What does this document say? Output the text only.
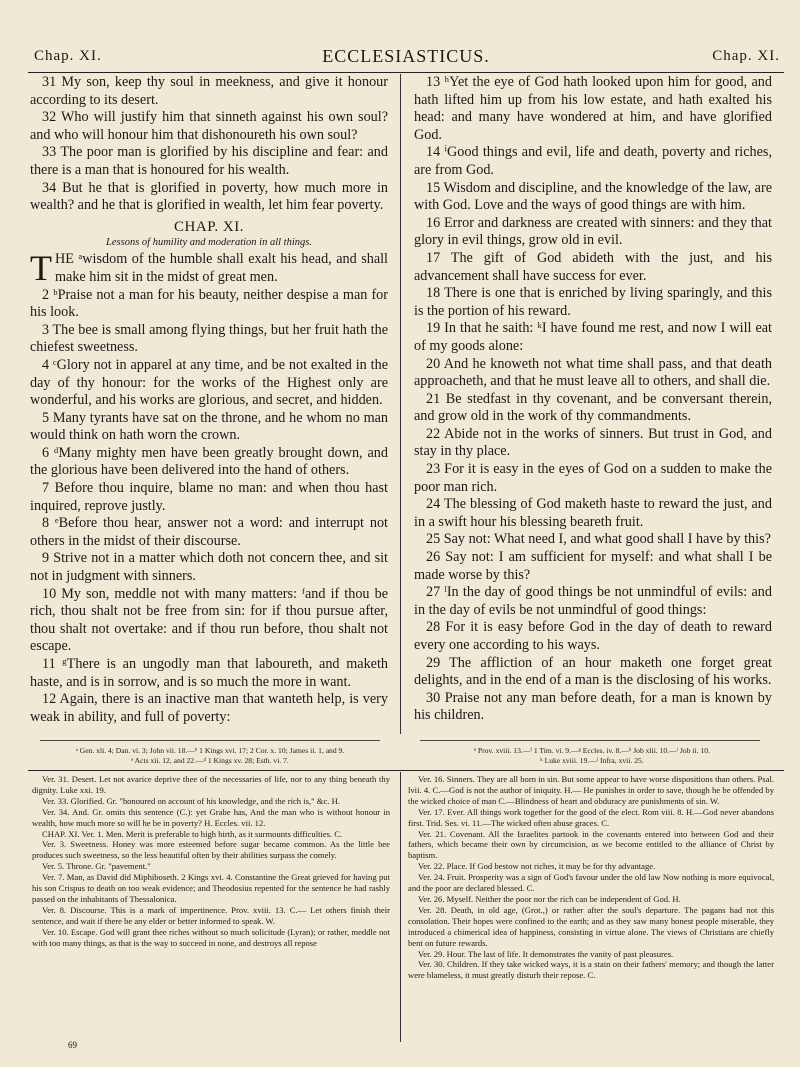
Chap. XI.	ECCLESIASTICUS.	Chap. XI.

31 My son, keep thy soul in meekness, and give it honour according to its desert.

32 Who will justify him that sinneth against his own soul? and who will honour him that dishonoureth his own soul?

33 The poor man is glorified by his discipline and fear: and there is a man that is honoured for his wealth.

34 But he that is glorified in poverty, how much more in wealth? and he that is glorified in wealth, let him fear poverty.

CHAP. XI.
Lessons of humility and moderation in all things.

THE ᵃwisdom of the humble shall exalt his head, and shall make him sit in the midst of great men.

2 ᵇPraise not a man for his beauty, neither despise a man for his look.

3 The bee is small among flying things, but her fruit hath the chiefest sweetness.

4 ᶜGlory not in apparel at any time, and be not exalted in the day of thy honour: for the works of the Highest only are wonderful, and his works are glorious, and secret, and hidden.

5 Many tyrants have sat on the throne, and he whom no man would think on hath worn the crown.

6 ᵈMany mighty men have been greatly brought down, and the glorious have been delivered into the hand of others.

7 Before thou inquire, blame no man: and when thou hast inquired, reprove justly.

8 ᵉBefore thou hear, answer not a word: and interrupt not others in the midst of their discourse.

9 Strive not in a matter which doth not concern thee, and sit not in judgment with sinners.

10 My son, meddle not with many matters: ᶠand if thou be rich, thou shalt not be free from sin: for if thou pursue after, thou shalt not overtake: and if thou run before, thou shalt not escape.

11 ᵍThere is an ungodly man that laboureth, and maketh haste, and is in sorrow, and is so much the more in want.

12 Again, there is an inactive man that wanteth help, is very weak in ability, and full of poverty:

13 ʰYet the eye of God hath looked upon him for good, and hath lifted him up from his low estate, and hath exalted his head: and many have wondered at him, and have glorified God.

14 ⁱGood things and evil, life and death, poverty and riches, are from God.

15 Wisdom and discipline, and the knowledge of the law, are with God. Love and the ways of good things are with him.

16 Error and darkness are created with sinners: and they that glory in evil things, grow old in evil.

17 The gift of God abideth with the just, and his advancement shall have success for ever.

18 There is one that is enriched by living sparingly, and this is the portion of his reward.

19 In that he saith: ᵏI have found me rest, and now I will eat of my goods alone:

20 And he knoweth not what time shall pass, and that death approacheth, and that he must leave all to others, and shall die.

21 Be stedfast in thy covenant, and be conversant therein, and grow old in the work of thy commandments.

22 Abide not in the works of sinners. But trust in God, and stay in thy place.

23 For it is easy in the eyes of God on a sudden to make the poor man rich.

24 The blessing of God maketh haste to reward the just, and in a swift hour his blessing beareth fruit.

25 Say not: What need I, and what good shall I have by this?

26 Say not: I am sufficient for myself: and what shall I be made worse by this?

27 ˡIn the day of good things be not unmindful of evils: and in the day of evils be not unmindful of good things:

28 For it is easy before God in the day of death to reward every one according to his ways.

29 The affliction of an hour maketh one forget great delights, and in the end of a man is the disclosing of his works.

30 Praise not any man before death, for a man is known by his children.

ᵃ Gen. xli. 4; Dan. vi. 3; John vii. 18.—ᵇ 1 Kings xvi. 17; 2 Cor. x. 10; James ii. 1, and 9.
ᵉ Acts xii. 12, and 22.—ᵈ 1 Kings xv. 28; Esth. vi. 7.
ᵉ Prov. xviii. 13.—ᶠ 1 Tim. vi. 9.—ᵍ Eccles. iv. 8.—ʰ Job xlii. 10.—ⁱ Job ii. 10.
ᵏ Luke xviii. 19.—ˡ Infra, xvii. 25.

Ver. 31. Desert. Let not avarice deprive thee of the necessaries of life, nor to any thing beneath thy dignity. Luke xxi. 19.

Ver. 33. Glorified. Gr. "honoured on account of his knowledge, and the rich is," &c. H.

Ver. 34. And. Gr. omits this sentence (C.): yet Grabe has, And the man who is without honour in wealth, how much more so will he be in poverty? H. Eccles. vii. 12.

CHAP. XI. Ver. 1. Men. Merit is preferable to high birth, as it surmounts difficulties. C.

Ver. 3. Sweetness. Honey was more esteemed before sugar became common. As the little bee produces such sweetness, so the less beautiful often by their abilities surpass the comely.

Ver. 5. Throne. Gr. "pavement."

Ver. 7. Man, as David did Miphiboseth. 2 Kings xvi. 4. Constantine the Great grieved for having put his son Crispus to death on too weak evidence; and Theodosius repented for the sentence he had rashly passed on the inhabitants of Thessalonica.

Ver. 8. Discourse. This is a mark of impertinence. Prov. xviii. 13. C.— Let others finish their sentence, and wait if there be any elder or better informed to speak. W.

Ver. 10. Escape. God will grant thee riches without so much solicitude (Lyran); or rather, meddle not with too many things, as that is the way to succeed in none, and destroys all repose

Ver. 16. Sinners. They are all born in sin. But some appear to have worse dispositions than others. Psal. lvii. 4. C.—God is not the author of iniquity. H.— He punishes in order to save, though he be offended by the wicked choice of man C.—Blindness of heart and obduracy are punishments of sin. W.

Ver. 17. Ever. All things work together for the good of the elect. Rom viii. 8. H.—God never abandons first. Trid. Ses. vi. 11.—The wicked often abuse graces. C.

Ver. 21. Covenant. All the Israelites partook in the covenants entered into between God and their fathers, which became their own by circumcision, as we become entitled to the alliance of Christ by baptism.

Ver. 22. Place. If God bestow not riches, it may be for thy advantage.

Ver. 24. Fruit. Prosperity was a sign of God's favour under the old law Now nothing is more equivocal, and the poor are declared blessed. C.

Ver. 26. Myself. Neither the poor nor the rich can be independent of God. H.

Ver. 28. Death, in old age, (Grot.,) or rather after the soul's departure. The pagans had not this consolation. Their hopes were confined to the earth; and as they saw many honest people miserable, they introduced a chimerical idea of happiness, consisting in virtue alone. The views of Christians are chiefly bent on future rewards.

Ver. 29. Hour. The last of life. It demonstrates the vanity of past pleasures.

Ver. 30. Children. If they take wicked ways, it is a stain on their fathers' memory; and though the latter were blameless, it must greatly disturb their repose. C.

69
